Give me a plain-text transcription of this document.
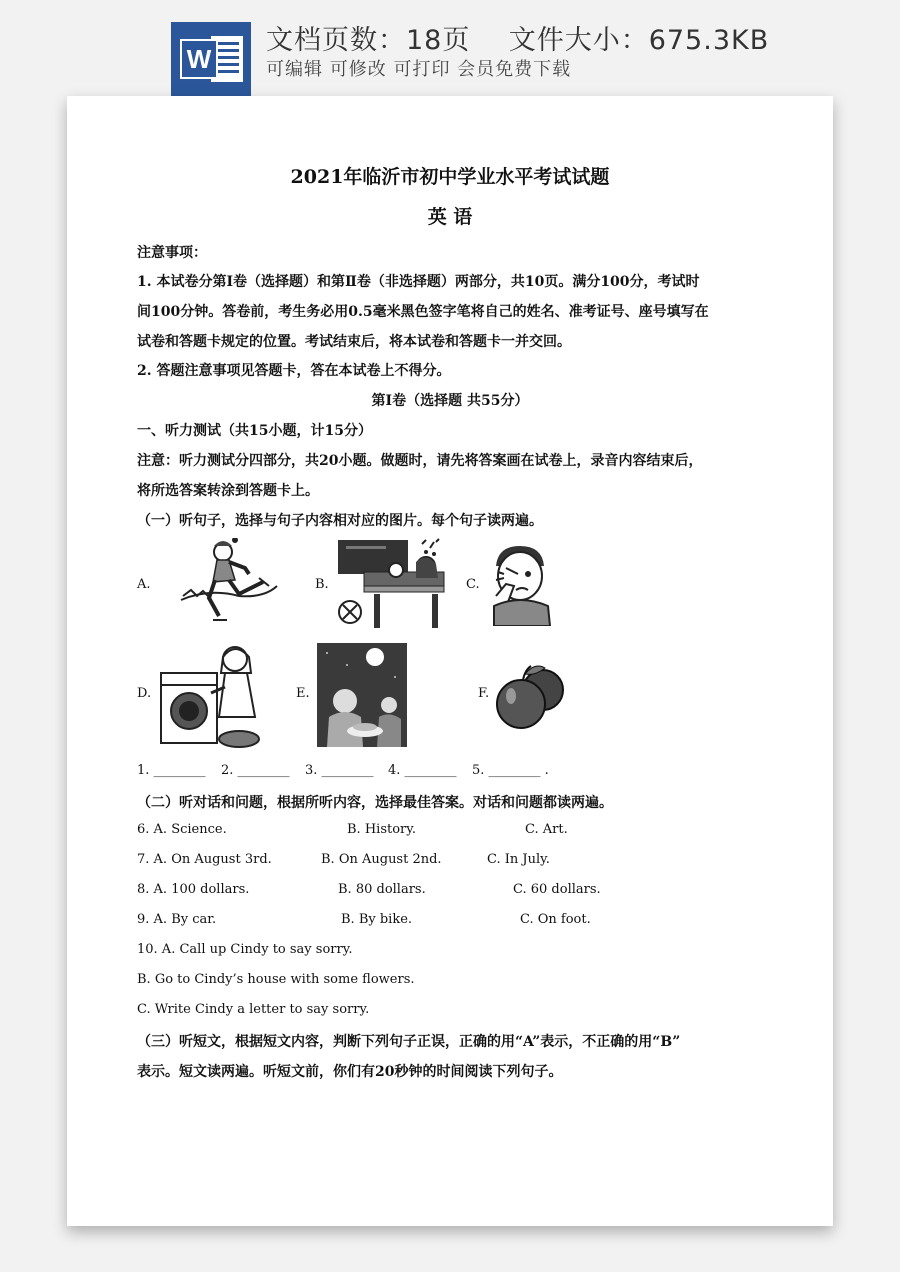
W
文档页数：18页 文件大小：675.3KB
可编辑 可修改 可打印 会员免费下载
2021年临沂市初中学业水平考试试题
英 语
注意事项：
1. 本试卷分第Ⅰ卷（选择题）和第Ⅱ卷（非选择题）两部分，共10页。满分100分，考试时
间100分钟。答卷前，考生务必用0.5毫米黑色签字笔将自己的姓名、准考证号、座号填写在
试卷和答题卡规定的位置。考试结束后，将本试卷和答题卡一并交回。
2. 答题注意事项见答题卡，答在本试卷上不得分。
第Ⅰ卷（选择题 共55分）
一、听力测试（共15小题，计15分）
注意：听力测试分四部分，共20小题。做题时，请先将答案画在试卷上，录音内容结束后，
将所选答案转涂到答题卡上。
（一）听句子，选择与句子内容相对应的图片。每个句子读两遍。
A.	B.	C.
D.	E.	F.
1. ________ 2. ________ 3. ________ 4. ________ 5. ________ .
（二）听对话和问题，根据所听内容，选择最佳答案。对话和问题都读两遍。
6. A. Science.	B. History.	C. Art.
7. A. On August 3rd.	B. On August 2nd.	C. In July.
8. A. 100 dollars.	B. 80 dollars.	C. 60 dollars.
9. A. By car.	B. By bike.	C. On foot.
10. A. Call up Cindy to say sorry.
B. Go to Cindy’s house with some flowers.
C. Write Cindy a letter to say sorry.
（三）听短文，根据短文内容，判断下列句子正误，正确的用“A”表示，不正确的用“B”
表示。短文读两遍。听短文前，你们有20秒钟的时间阅读下列句子。
